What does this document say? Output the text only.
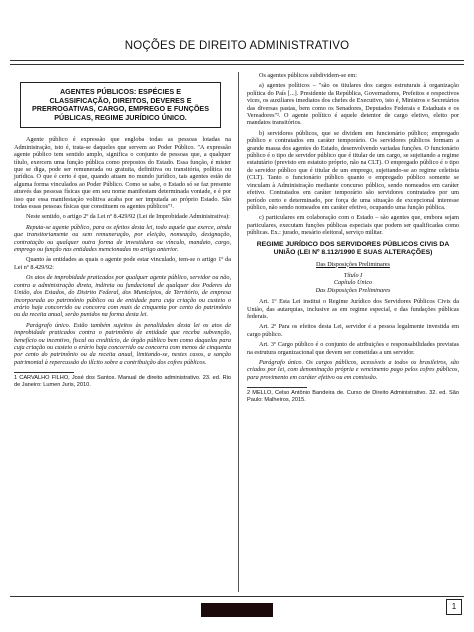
NOÇÕES DE DIREITO ADMINISTRATIVO
AGENTES PÚBLICOS: ESPÉCIES E CLASSIFICAÇÃO, DIREITOS, DEVERES E PRERROGATIVAS, CARGO, EMPREGO E FUNÇÕES PÚBLICAS, REGIME JURÍDICO ÚNICO.

Agente público é expressão que engloba todas as pessoas lotadas na Administração, isto é, trata-se daqueles que servem ao Poder Público. "A expressão agente público tem sentido amplo, significa o conjunto de pessoas que, a qualquer título, exercem uma função pública como prepostos do Estado. Essa função, é mister que se diga, pode ser remunerada ou gratuita, definitiva ou transitória, política ou jurídica. O que é certo é que, quando atuam no mundo jurídico, tais agentes estão de alguma forma vinculados ao Poder Público. Como se sabe, o Estado só se faz presente através das pessoas físicas que em seu nome manifestam determinada vontade, e é por isso que essa manifestação volitiva acaba por ser imputada ao próprio Estado. São todas essas pessoas físicas que constituem os agentes públicos"¹.

Neste sentido, o artigo 2º da Lei nº 8.429/92 (Lei de Improbidade Administrativa):

Reputa-se agente público, para os efeitos desta lei, todo aquele que exerce, ainda que transitoriamente ou sem remuneração, por eleição, nomeação, designação, contratação ou qualquer outra forma de investidura ou vínculo, mandato, cargo, emprego ou função nas entidades mencionadas no artigo anterior.

Quanto às entidades as quais o agente pode estar vinculado, tem-se o artigo 1º da Lei nº 8.429/92:

Os atos de improbidade praticados por qualquer agente público, servidor ou não, contra a administração direta, indireta ou fundacional de qualquer dos Poderes da União, dos Estados, do Distrito Federal, dos Municípios, de Território, de empresa incorporada ao patrimônio público ou de entidade para cuja criação ou custeio o erário haja concorrido ou concorra com mais de cinquenta por cento do patrimônio ou da receita anual, serão punidos na forma desta lei.

Parágrafo único. Estão também sujeitos às penalidades desta lei os atos de improbidade praticados contra o patrimônio de entidade que receba subvenção, benefício ou incentivo, fiscal ou creditício, de órgão público bem como daquelas para cuja criação ou custeio o erário haja concorrido ou concorra com menos de cinquenta por cento do patrimônio ou da receita anual, limitando-se, nestes casos, a sanção patrimonial à repercussão do ilícito sobre a contribuição dos cofres públicos.

1 CARVALHO FILHO, José dos Santos. Manual de direito administrativo. 23. ed. Rio de Janeiro: Lumen Juris, 2010.

Os agentes públicos subdividem-se em:

a) agentes políticos – "são os titulares dos cargos estruturais à organização política do País [...]. Presidente da República, Governadores, Prefeitos e respectivos vices, os auxiliares imediatos dos chefes de Executivo, isto é, Ministros e Secretários das diversas pastas, bem como os Senadores, Deputados Federais e Estaduais e os Vereadores"². O agente político é aquele detentor de cargo eletivo, eleito por mandatos transitórios.

b) servidores públicos, que se dividem em funcionário público; empregado público e contratados em caráter temporário. Os servidores públicos formam a grande massa dos agentes do Estado, desenvolvendo variadas funções. O funcionário público é o tipo de servidor público que é titular de um cargo, se sujeitando a regime estatutário (previsto em estatuto próprio, não na CLT). O empregado público é o tipo de servidor público que é titular de um emprego, sujeitando-se ao regime celetista (CLT). Tanto o funcionário público quanto o empregado público somente se vinculam à Administração mediante concurso público, sendo nomeados em caráter efetivo. Contratados em caráter temporário são servidores contratados por um período certo e determinado, por força de uma situação de excepcional interesse público, não sendo nomeados em caráter efetivo, ocupando uma função pública.

c) particulares em colaboração com o Estado – são agentes que, embora sejam particulares, executam funções públicas especiais que podem ser qualificadas como públicas. Ex.: jurado, mesário eleitoral, serviço militar.

REGIME JURÍDICO DOS SERVIDORES PÚBLICOS CIVIS DA UNIÃO (LEI Nº 8.112/1990 E SUAS ALTERAÇÕES)

Das Disposições Preliminares

Título I

Capítulo Único

Das Disposições Preliminares

Art. 1º Esta Lei institui o Regime Jurídico dos Servidores Públicos Civis da União, das autarquias, inclusive as em regime especial, e das fundações públicas federais.

Art. 2º Para os efeitos desta Lei, servidor é a pessoa legalmente investida em cargo público.

Art. 3º Cargo público é o conjunto de atribuições e responsabilidades previstas na estrutura organizacional que devem ser cometidas a um servidor.

Parágrafo único. Os cargos públicos, acessíveis a todos os brasileiros, são criados por lei, com denominação própria e vencimento pago pelos cofres públicos, para provimento em caráter efetivo ou em comissão.

2 MELLO, Celso Antônio Bandeira de. Curso de Direito Administrativo. 32. ed. São Paulo: Malheiros, 2015.

1
